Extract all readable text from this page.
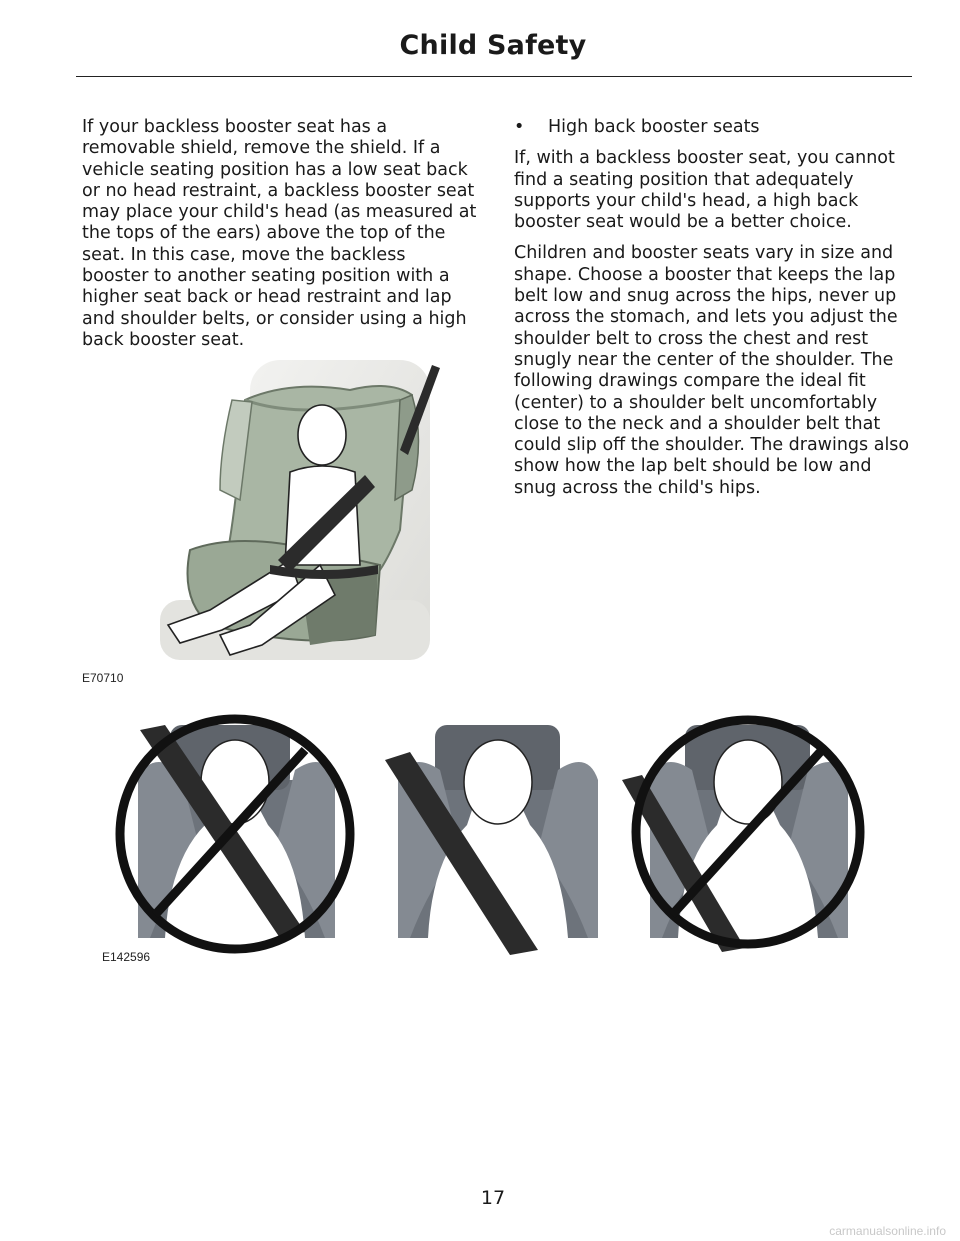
Child Safety

If your backless booster seat has a removable shield, remove the shield. If a vehicle seating position has a low seat back or no head restraint, a backless booster seat may place your child's head (as measured at the tops of the ears) above the top of the seat. In this case, move the backless booster to another seating position with a higher seat back or head restraint and lap and shoulder belts, or consider using a high back booster seat.

•	High back booster seats

If, with a backless booster seat, you cannot find a seating position that adequately supports your child's head, a high back booster seat would be a better choice.

Children and booster seats vary in size and shape. Choose a booster that keeps the lap belt low and snug across the hips, never up across the stomach, and lets you adjust the shoulder belt to cross the chest and rest snugly near the center of the shoulder. The following drawings compare the ideal fit (center) to a shoulder belt uncomfortably close to the neck and a shoulder belt that could slip off the shoulder. The drawings also show how the lap belt should be low and snug across the child's hips.

E70710
E142596
17
carmanualsonline.info
